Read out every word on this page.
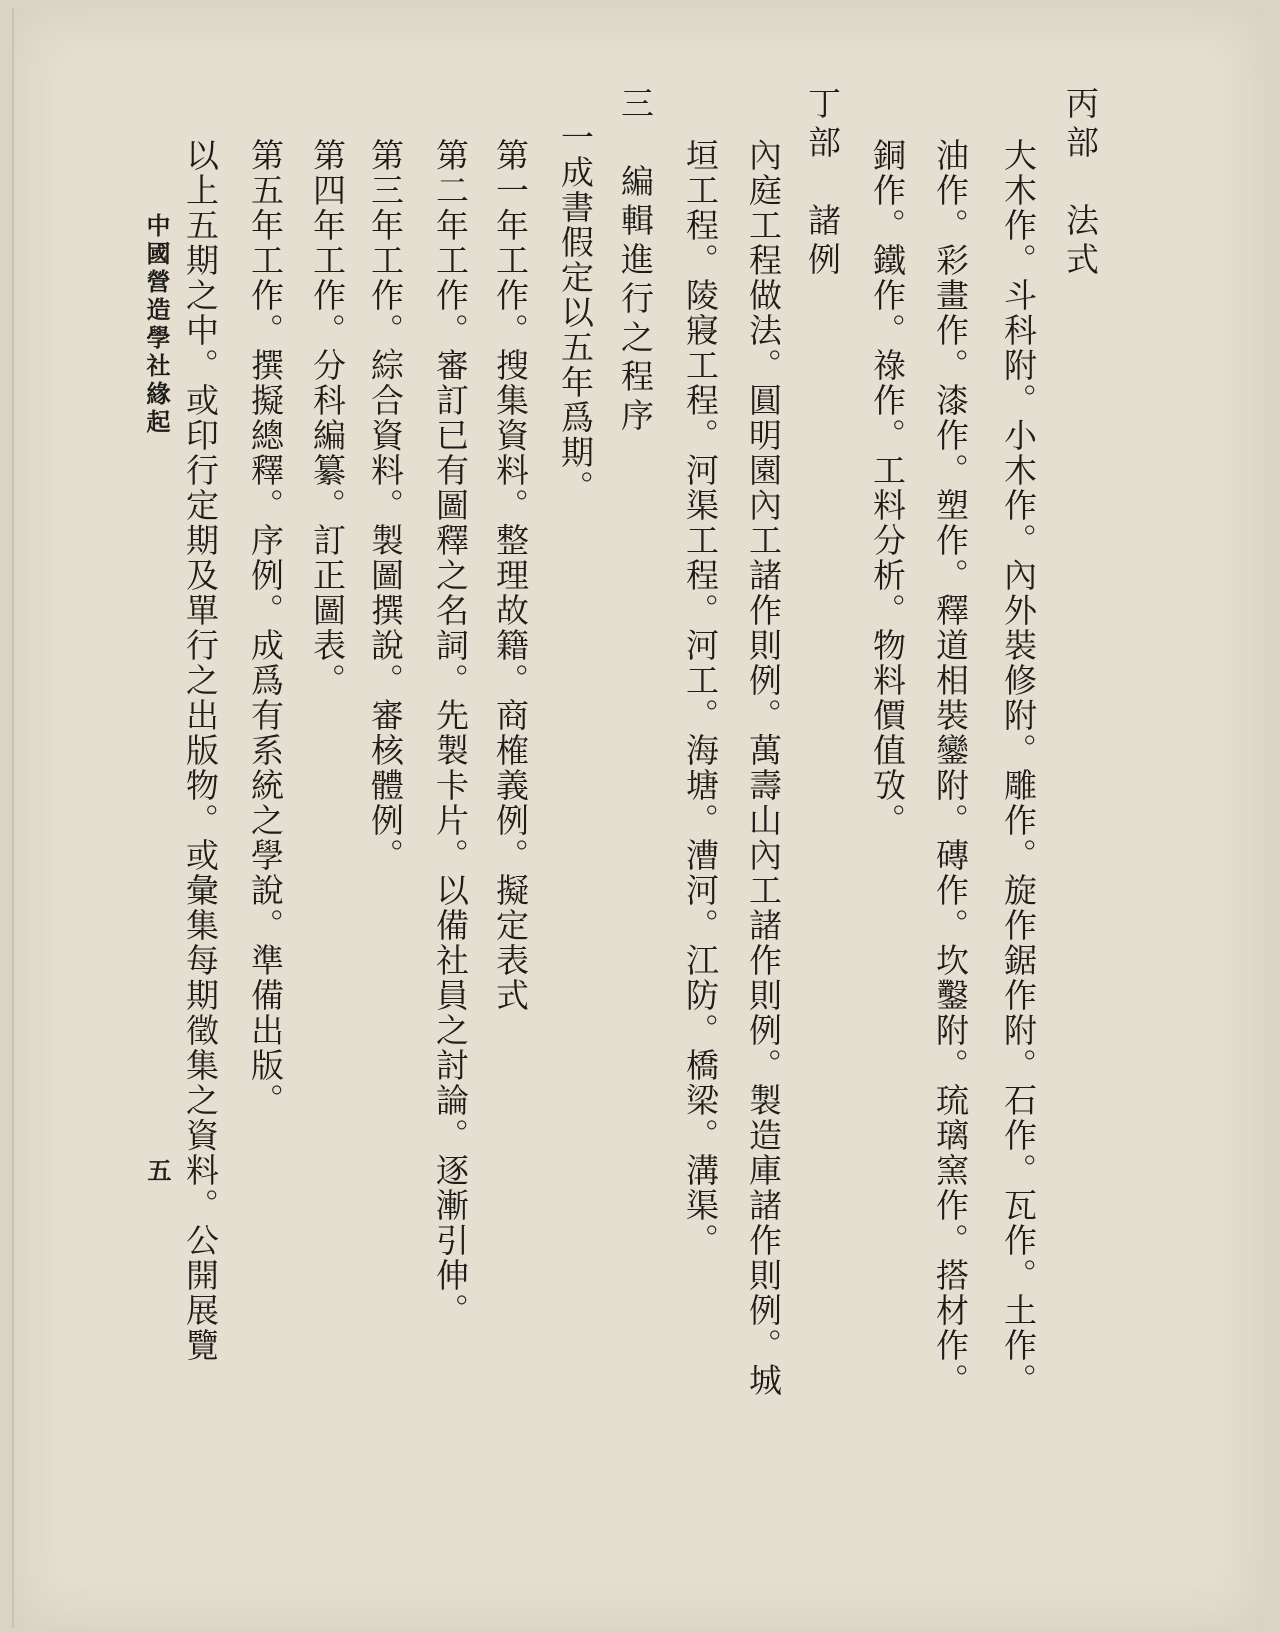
丙部　法式
大木作。斗科附。小木作。內外裝修附。雕作。旋作鋸作附。石作。瓦作。土作。
油作。彩畫作。漆作。塑作。釋道相裝鑾附。磚作。坎鑿附。琉璃窯作。搭材作。
銅作。鐵作。祿作。工料分析。物料價值攷。
丁部　諸例
內庭工程做法。圓明園內工諸作則例。萬壽山內工諸作則例。製造庫諸作則例。城
垣工程。陵寢工程。河渠工程。河工。海塘。漕河。江防。橋梁。溝渠。
三　編輯進行之程序
一成書假定以五年爲期。
第一年工作。搜集資料。整理故籍。商榷義例。擬定表式
第二年工作。審訂已有圖釋之名詞。先製卡片。以備社員之討論。逐漸引伸。
第三年工作。綜合資料。製圖撰說。審核體例。
第四年工作。分科編纂。訂正圖表。
第五年工作。撰擬總釋。序例。成爲有系統之學說。準備出版。
以上五期之中。或印行定期及單行之出版物。或彙集每期徵集之資料。公開展覽
中國營造學社緣起
五
